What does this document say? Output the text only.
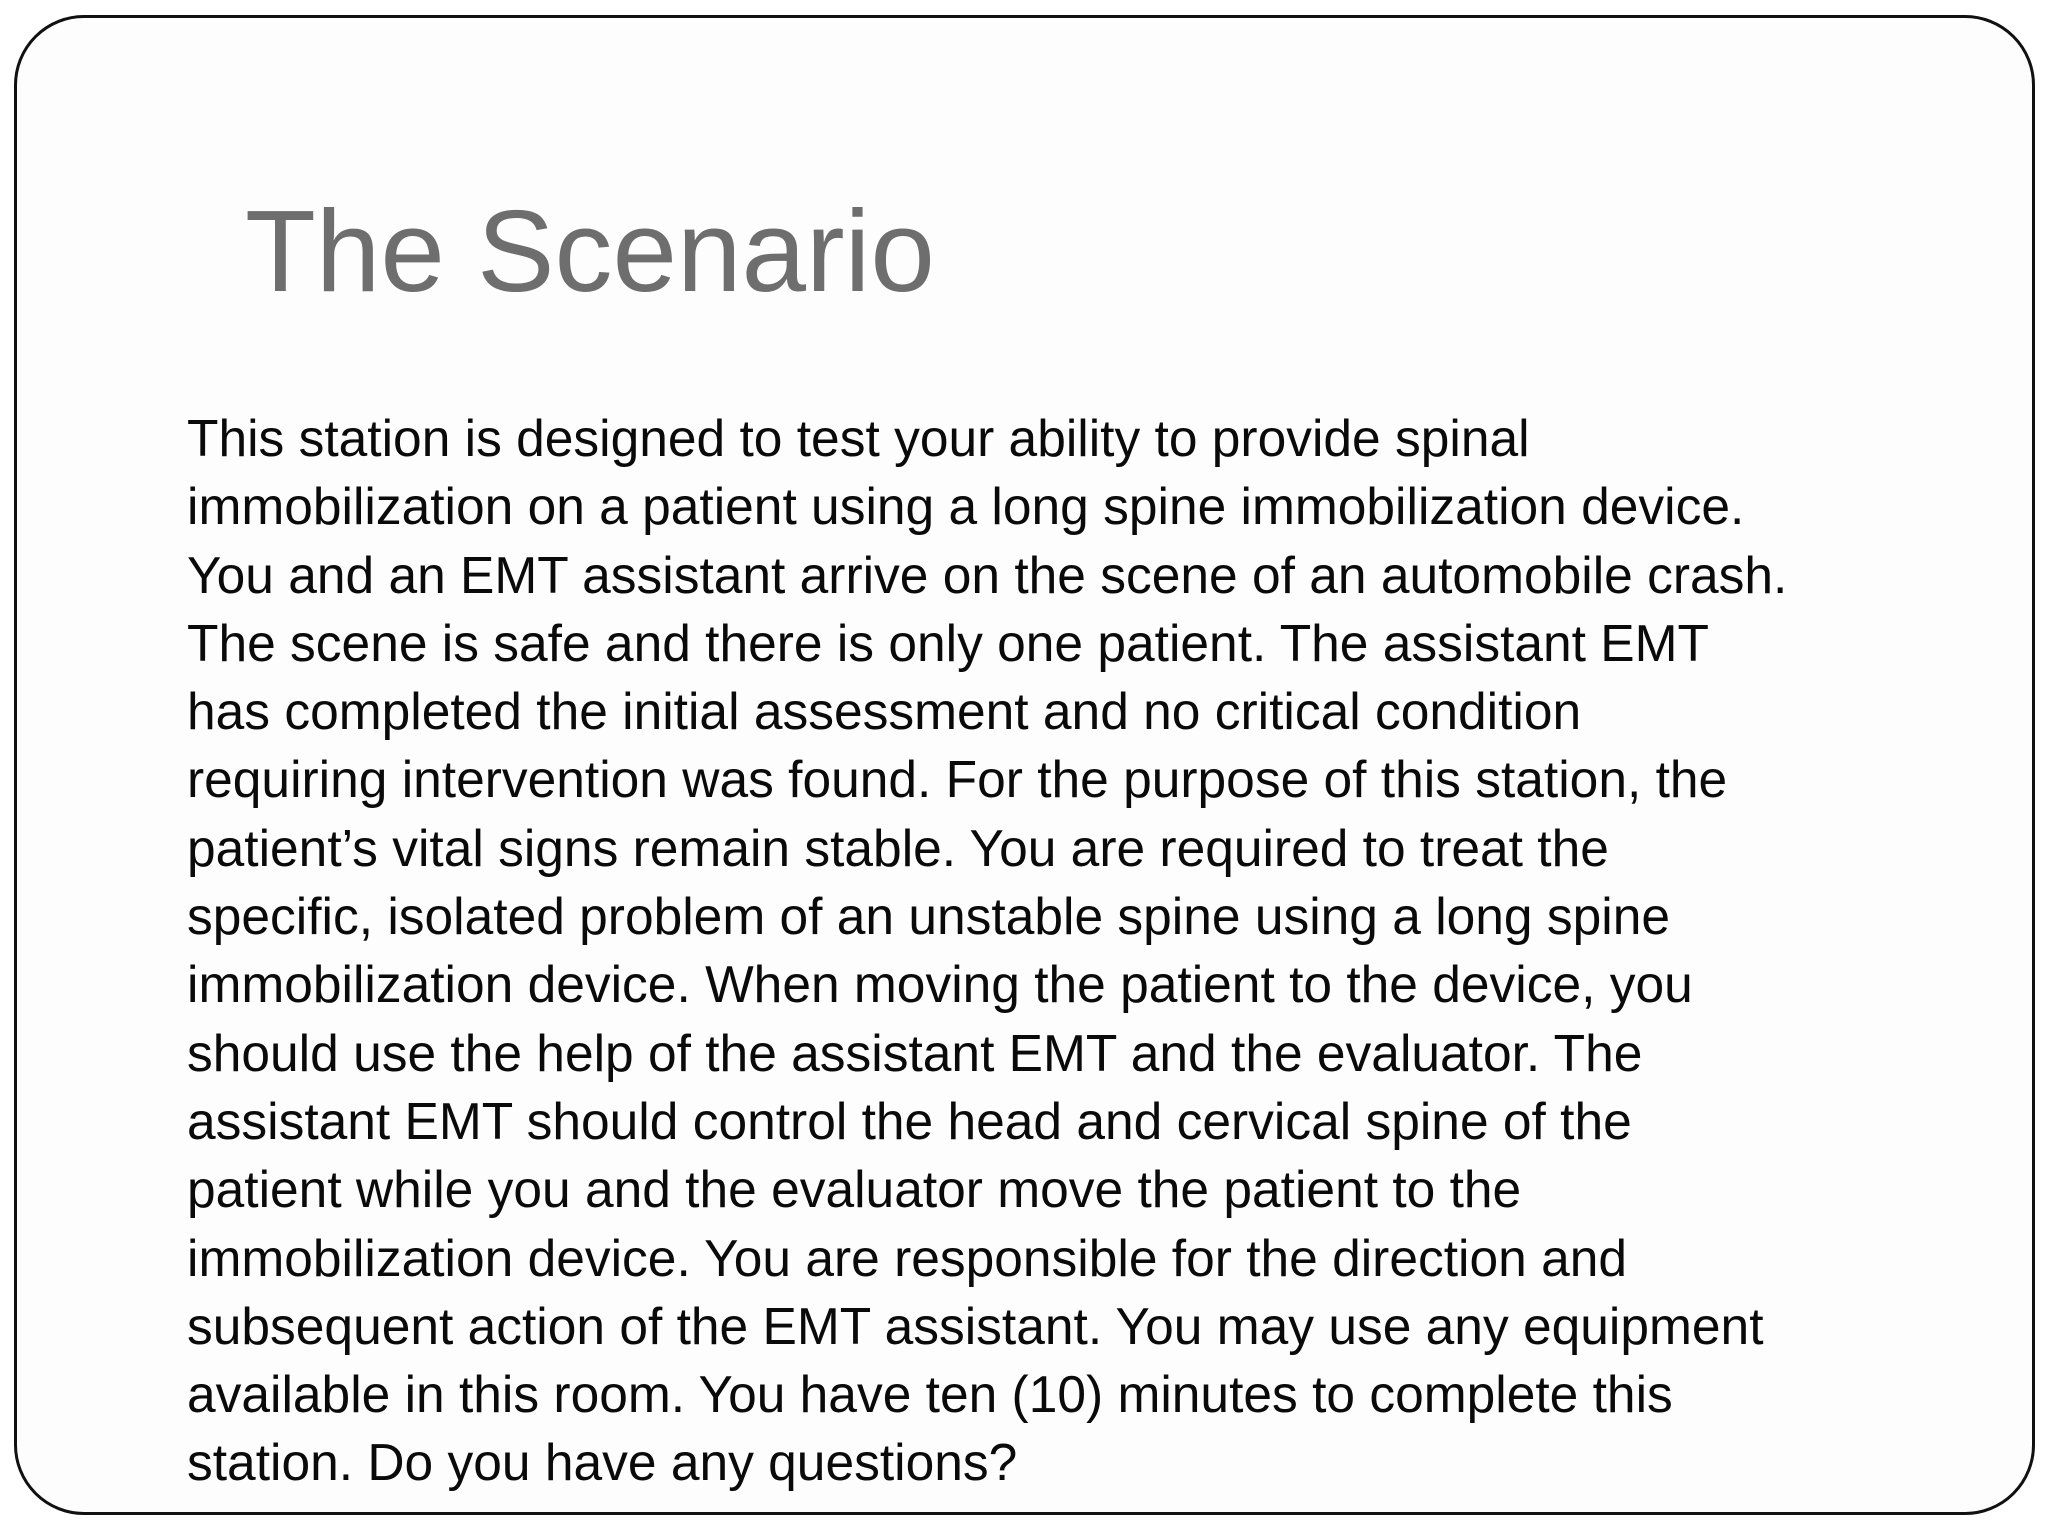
The Scenario

This station is designed to test your ability to provide spinal
immobilization on a patient using a long spine immobilization device.
You and an EMT assistant arrive on the scene of an automobile crash.
The scene is safe and there is only one patient. The assistant EMT
has completed the initial assessment and no critical condition
requiring intervention was found. For the purpose of this station, the
patient’s vital signs remain stable. You are required to treat the
specific, isolated problem of an unstable spine using a long spine
immobilization device. When moving the patient to the device, you
should use the help of the assistant EMT and the evaluator. The
assistant EMT should control the head and cervical spine of the
patient while you and the evaluator move the patient to the
immobilization device. You are responsible for the direction and
subsequent action of the EMT assistant. You may use any equipment
available in this room. You have ten (10) minutes to complete this
station. Do you have any questions?
